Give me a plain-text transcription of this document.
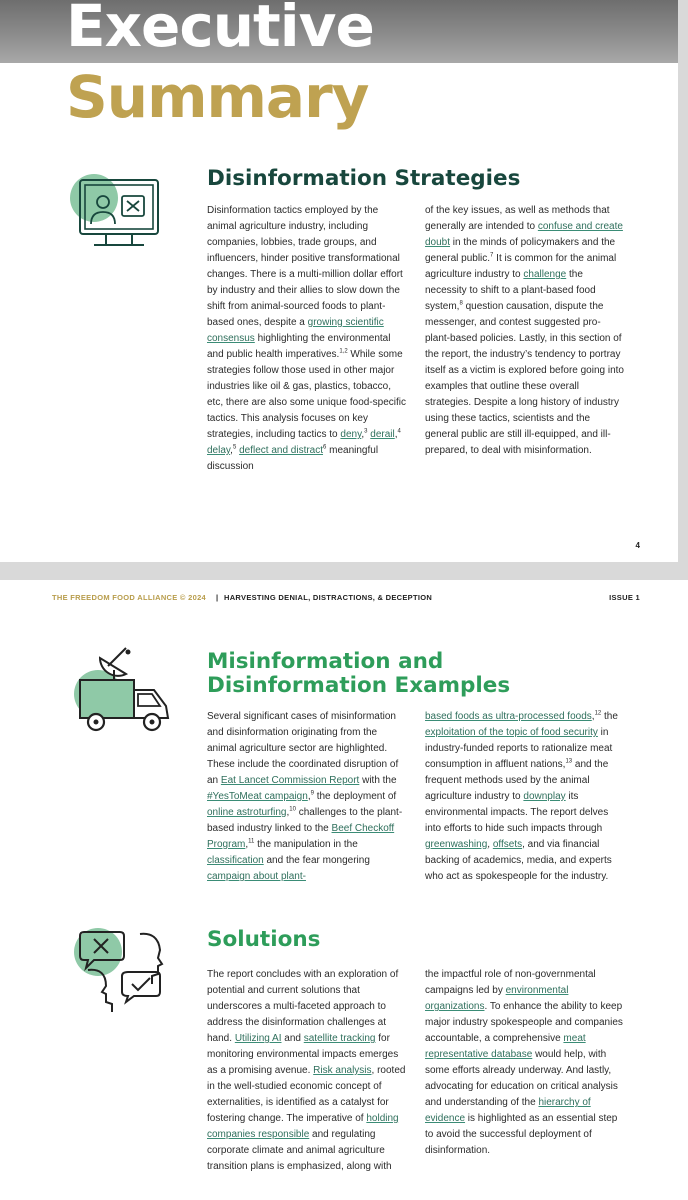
Executive
Summary
Disinformation Strategies

Disinformation tactics employed by the animal agriculture industry, including companies, lobbies, trade groups, and influencers, hinder positive transformational changes. There is a multi-million dollar effort by industry and their allies to slow down the shift from animal-sourced foods to plant-based ones, despite a growing scientific consensus highlighting the environmental and public health imperatives.$^{1,2}$ While some strategies follow those used in other major industries like oil & gas, plastics, tobacco, etc, there are also some unique food-specific tactics. This analysis focuses on key strategies, including tactics to deny,$^3$ derail,$^4$ delay,$^5$ deflect and distract$^6$ meaningful discussion

of the key issues, as well as methods that generally are intended to confuse and create doubt in the minds of policymakers and the general public.$^7$ It is common for the animal agriculture industry to challenge the necessity to shift to a plant-based food system,$^8$ question causation, dispute the messenger, and contest suggested pro-plant-based policies. Lastly, in this section of the report, the industry’s tendency to portray itself as a victim is explored before going into examples that outline these overall strategies. Despite a long history of industry using these tactics, scientists and the general public are still ill-equipped, and ill-prepared, to deal with misinformation.

4
THE FREEDOM FOOD ALLIANCE © 2024 | HARVESTING DENIAL, DISTRACTIONS, & DECEPTION	ISSUE 1
Misinformation and
Disinformation Examples

Several significant cases of misinformation and disinformation originating from the animal agriculture sector are highlighted. These include the coordinated disruption of an Eat Lancet Commission Report with the #YesToMeat campaign,$^9$ the deployment of online astroturfing,$^{10}$ challenges to the plant-based industry linked to the Beef Checkoff Program,$^{11}$ the manipulation in the classification and the fear mongering campaign about plant-

based foods as ultra-processed foods,$^{12}$ the exploitation of the topic of food security in industry-funded reports to rationalize meat consumption in affluent nations,$^{13}$ and the frequent methods used by the animal agriculture industry to downplay its environmental impacts. The report delves into efforts to hide such impacts through greenwashing, offsets, and via financial backing of academics, media, and experts who act as spokespeople for the industry.

Solutions

The report concludes with an exploration of potential and current solutions that underscores a multi-faceted approach to address the disinformation challenges at hand. Utilizing AI and satellite tracking for monitoring environmental impacts emerges as a promising avenue. Risk analysis, rooted in the well-studied economic concept of externalities, is identified as a catalyst for fostering change. The imperative of holding companies responsible and regulating corporate climate and animal agriculture transition plans is emphasized, along with

the impactful role of non-governmental campaigns led by environmental organizations. To enhance the ability to keep major industry spokespeople and companies accountable, a comprehensive meat representative database would help, with some efforts already underway. And lastly, advocating for education on critical analysis and understanding of the hierarchy of evidence is highlighted as an essential step to avoid the successful deployment of disinformation.
